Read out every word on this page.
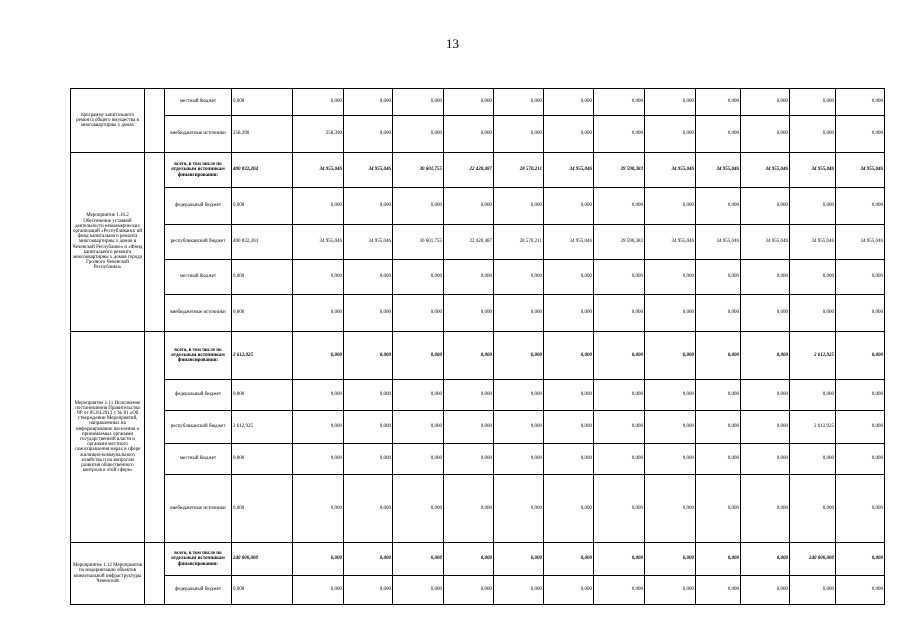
13
программу капитального ремонта общего имущества в многоквартирны х домах		местный бюджет	0,000	0,000	0,000	0,000	0,000	0,000	0,000	0,000	0,000	0,000	0,000	0,000	0,000
		внебюджетные источники	258,390	258,390	0,000	0,000	0,000	0,000	0,000	0,000	0,000	0,000	0,000	0,000	0,000
Мероприятие 1.10.2 Обеспечение уставной деятельности некоммерческих организаций «Республиканск ий фонд капитального ремонта многоквартирны х домов в Чеченской Республике» и «Фонд капитального ремонта многоквартирны х домов города Грозного Чеченской Республики»		всего, в том числе по отдельным источникам финансирования:	400 832,204	34 955,046	34 955,046	30 601,755	22 420,487	28 570,211	34 955,046	39 590,383	34 955,046	34 955,046	34 955,046	34 955,046	34 955,046
		федеральный бюджет	0,000	0,000	0,000	0,000	0,000	0,000	0,000	0,000	0,000	0,000	0,000	0,000	0,000
		республиканский бюджет	400 832,204	34 955,046	34 955,046	30 601,755	22 420,487	28 570,211	34 955,046	39 590,383	34 955,046	34 955,046	34 955,046	34 955,046	34 955,046
		местный бюджет	0,000	0,000	0,000	0,000	0,000	0,000	0,000	0,000	0,000	0,000	0,000	0,000	0,000
		внебюджетные источники	0,000	0,000	0,000	0,000	0,000	0,000	0,000	0,000	0,000	0,000	0,000	0,000	0,000
Мероприятие 1.11 Исполнение постановления Правительства ЧР от 05.04.2013 г. № 81 «Об утверждении Мероприятий, направленных на информирование населения о принимаемых органами государственной власти и органами местного самоуправления мерах в сфере жилищно-коммунального хозяйства и по вопросам развития общественного контроля в этой сфере»		всего, в том числе по отдельным источникам финансирования:	2 612,925	0,000	0,000	0,000	0,000	0,000	0,000	0,000	0,000	0,000	0,000	2 612,925	0,000
		федеральный бюджет	0,000	0,000	0,000	0,000	0,000	0,000	0,000	0,000	0,000	0,000	0,000	0,000	0,000
		республиканский бюджет	2 612,925	0,000	0,000	0,000	0,000	0,000	0,000	0,000	0,000	0,000	0,000	2 612,925	0,000
		местный бюджет	0,000	0,000	0,000	0,000	0,000	0,000	0,000	0,000	0,000	0,000	0,000	0,000	0,000
		внебюджетные источники	0,000	0,000	0,000	0,000	0,000	0,000	0,000	0,000	0,000	0,000	0,000	0,000	0,000
Мероприятие 1.12 Мероприятия по модернизации объектов коммунальной инфраструктуры Чеченской		всего, в том числе по отдельным источникам финансирования:	240 000,000	0,000	0,000	0,000	0,000	0,000	0,000	0,000	0,000	0,000	0,000	240 000,000	0,000
		федеральный бюджет	0,000	0,000	0,000	0,000	0,000	0,000	0,000	0,000	0,000	0,000	0,000	0,000	0,000
